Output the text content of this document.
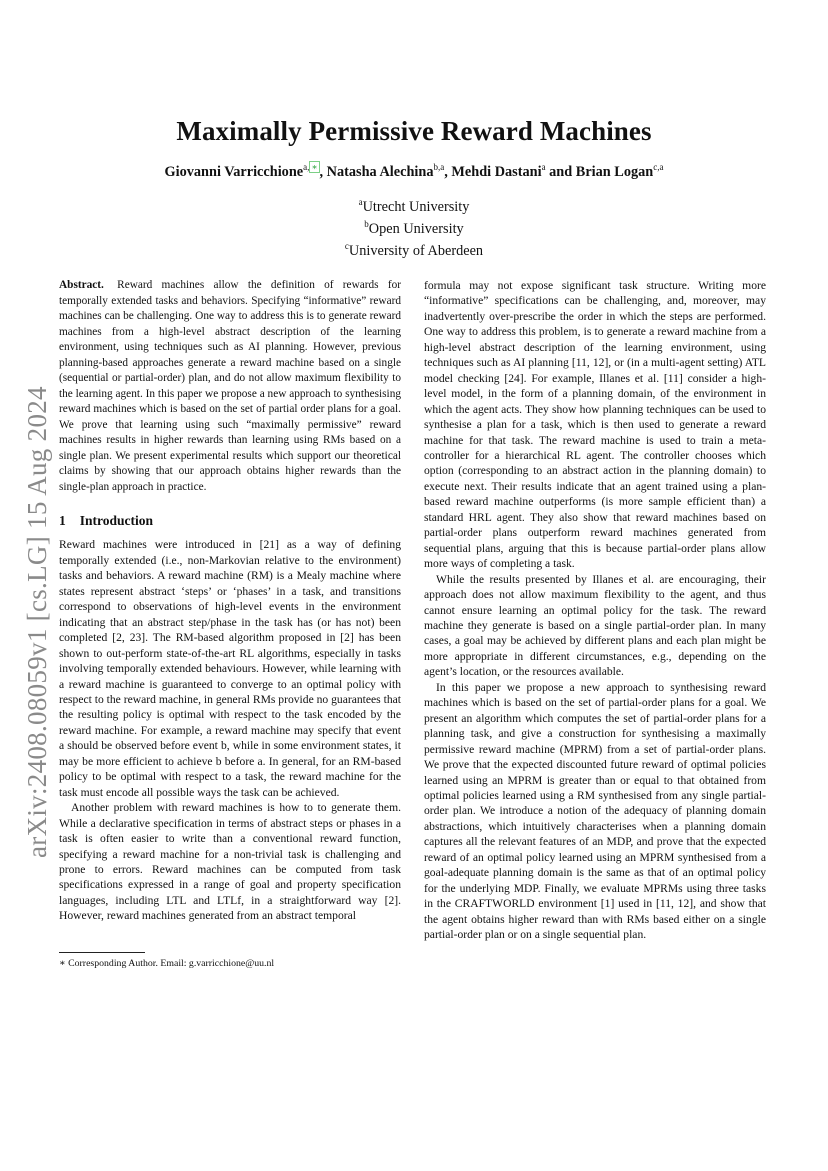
Maximally Permissive Reward Machines
Giovanni Varricchione$^{a,}$ ∗ , Natasha Alechina$^{b,a}$, Mehdi Dastani$^a$ and Brian Logan$^{c,a}$
$^a$Utrecht University
$^b$Open University
$^c$University of Aberdeen
arXiv:2408.08059v1 [cs.LG] 15 Aug 2024

Abstract. Reward machines allow the definition of rewards for temporally extended tasks and behaviors. Specifying “informative” reward machines can be challenging. One way to address this is to generate reward machines from a high-level abstract description of the learning environment, using techniques such as AI planning. However, previous planning-based approaches generate a reward machine based on a single (sequential or partial-order) plan, and do not allow maximum flexibility to the learning agent. In this paper we propose a new approach to synthesising reward machines which is based on the set of partial order plans for a goal. We prove that learning using such “maximally permissive” reward machines results in higher rewards than learning using RMs based on a single plan. We present experimental results which support our theoretical claims by showing that our approach obtains higher rewards than the single-plan approach in practice.

1 Introduction

Reward machines were introduced in [21] as a way of defining temporally extended (i.e., non-Markovian relative to the environment) tasks and behaviors. A reward machine (RM) is a Mealy machine where states represent abstract ‘steps’ or ‘phases’ in a task, and transitions correspond to observations of high-level events in the environment indicating that an abstract step/phase in the task has (or has not) been completed [2, 23]. The RM-based algorithm proposed in [2] has been shown to out-perform state-of-the-art RL algorithms, especially in tasks involving temporally extended behaviours. However, while learning with a reward machine is guaranteed to converge to an optimal policy with respect to the reward machine, in general RMs provide no guarantees that the resulting policy is optimal with respect to the task encoded by the reward machine. For example, a reward machine may specify that event a should be observed before event b, while in some environment states, it may be more efficient to achieve b before a. In general, for an RM-based policy to be optimal with respect to a task, the reward machine for the task must encode all possible ways the task can be achieved.

Another problem with reward machines is how to to generate them. While a declarative specification in terms of abstract steps or phases in a task is often easier to write than a conventional reward function, specifying a reward machine for a non-trivial task is challenging and prone to errors. Reward machines can be computed from task specifications expressed in a range of goal and property specification languages, including LTL and LTLf, in a straightforward way [2]. However, reward machines generated from an abstract temporal

formula may not expose significant task structure. Writing more “informative” specifications can be challenging, and, moreover, may inadvertently over-prescribe the order in which the steps are performed. One way to address this problem, is to generate a reward machine from a high-level abstract description of the learning environment, using techniques such as AI planning [11, 12], or (in a multi-agent setting) ATL model checking [24]. For example, Illanes et al. [11] consider a high-level model, in the form of a planning domain, of the environment in which the agent acts. They show how planning techniques can be used to synthesise a plan for a task, which is then used to generate a reward machine for that task. The reward machine is used to train a meta-controller for a hierarchical RL agent. The controller chooses which option (corresponding to an abstract action in the planning domain) to execute next. Their results indicate that an agent trained using a plan-based reward machine outperforms (is more sample efficient than) a standard HRL agent. They also show that reward machines based on partial-order plans outperform reward machines generated from sequential plans, arguing that this is because partial-order plans allow more ways of completing a task.

While the results presented by Illanes et al. are encouraging, their approach does not allow maximum flexibility to the agent, and thus cannot ensure learning an optimal policy for the task. The reward machine they generate is based on a single partial-order plan. In many cases, a goal may be achieved by different plans and each plan might be more appropriate in different circumstances, e.g., depending on the agent’s location, or the resources available.

In this paper we propose a new approach to synthesising reward machines which is based on the set of partial-order plans for a goal. We present an algorithm which computes the set of partial-order plans for a planning task, and give a construction for synthesising a maximally permissive reward machine (MPRM) from a set of partial-order plans. We prove that the expected discounted future reward of optimal policies learned using an MPRM is greater than or equal to that obtained from optimal policies learned using a RM synthesised from any single partial-order plan. We introduce a notion of the adequacy of planning domain abstractions, which intuitively characterises when a planning domain captures all the relevant features of an MDP, and prove that the expected reward of an optimal policy learned using an MPRM synthesised from a goal-adequate planning domain is the same as that of an optimal policy for the underlying MDP. Finally, we evaluate MPRMs using three tasks in the CRAFTWORLD environment [1] used in [11, 12], and show that the agent obtains higher reward than with RMs based either on a single partial-order plan or on a single sequential plan.

∗ Corresponding Author. Email: g.varricchione@uu.nl
